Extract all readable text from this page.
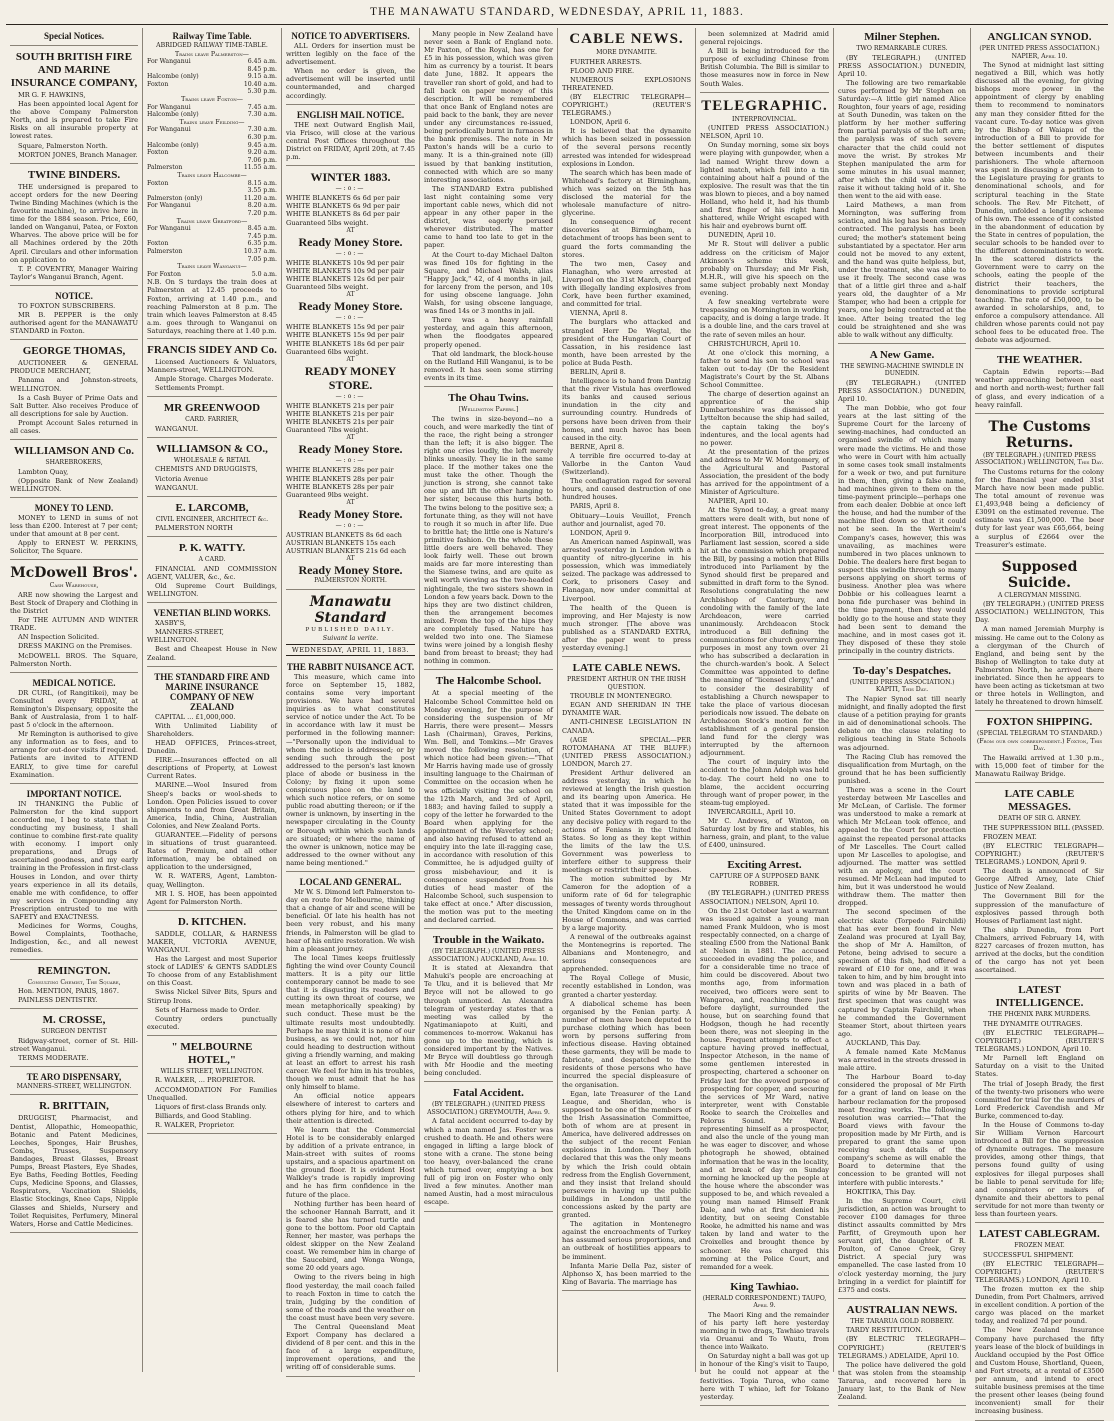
THE MANAWATU STANDARD, WEDNESDAY, APRIL 11, 1883.
Special Notices.
SOUTH BRITISH FIRE AND MARINE INSURANCE COMPANY,

MR G. F. HAWKINS,

Has been appointed local Agent for the above Company Palmerston North, and is prepared to take Fire Risks on all insurable property at lowest rates.

Square, Palmerston North.

MORTON JONES, Branch Manager.

TWINE BINDERS.

THE undersigned is prepared to accept orders for the new Deering Twine Binding Machines (which is the favourite machine), to arrive here in time for the 1884 season. Price, £60, landed on Wanganui, Patea, or Foxton Wharves. The above price will be for all Machines ordered by the 20th April. Circulars and other information on application to

T. P. COVENTRY, Manager Wairing Taylor's Wanganui Branch, Agent.

NOTICE.

TO FOXTON SUBSCRIBERS.

MR B. PEPPER is the only authorised agent for the MANAWATU STANDARD in Foxton.

GEORGE THOMAS,

AUCTIONEER & GENERAL PRODUCE MERCHANT,

Panama and Johnston-streets, WELLINGTON.

Is a Cash Buyer of Prime Oats and Salt Butter. Also receives Produce of all descriptions for sale by Auction.

Prompt Account Sales returned in all cases.

WILLIAMSON AND Co.
SHAREBROKERS,

Lambton Quay,

(Opposite Bank of New Zealand) WELLINGTON.

MONEY TO LEND.

MONEY to LEND in sums of not less than £200. Interest at 7 per cent; under that amount at 8 per cent.

Apply to ERNEST W. PERKINS, Solicitor, The Square.

McDowell Bros'.
Cash Warehouse,

ARE now showing the Largest and Best Stock of Drapery and Clothing in the District

For THE AUTUMN AND WINTER TRADE.

AN Inspection Solicited.

DRESS MAKING on the Premises.

McDOWELL BROS. The Square, Palmerston North.

MEDICAL NOTICE.

DR CURL, (of Rangitikei), may be Consulted every FRIDAY, at Remington's Dispensary, opposite the Bank of Australasia, from 1 to half-past 5 o'clock in the afternoon.

Mr Remington is authorised to give any information as to fees, and to arrange for out-door visits if required. Patients are invited to ATTEND EARLY, to give time for careful Examination.

IMPORTANT NOTICE.

IN THANKING the Public of Palmerston for the kind support accorded me, I beg to state that in conducting my business, I shall continue to combine first-rate quality with economy. I import only preparations, and Drugs of ascertained goodness, and my early training in the Profession in first-class Houses in London, and over thirty years experience in all its details, enable me with confidence, to offer my services in Compounding any Prescription entrusted to me with SAFETY and EXACTNESS.

Medicines for Worms, Coughs, Bowel Complaints, Toothache, Indigestion, &c., and all newest remedies.

REMINGTON.
Consulting Chemist, The Square,

Hon. MENTION, PARIS, 1867.

PAINLESS DENTISTRY.

M. CROSSE,
SURGEON DENTIST

Ridgway-street, corner of St. Hill-street Wanganui.

TERMS MODERATE.

TE ARO DISPENSARY,
MANNERS-STREET, WELLINGTON.
R. BRITTAIN,

DRUGGIST, Pharmacist, and Dentist, Allopathic, Homeopathic, Botanic and Patent Medicines, Leeches, Sponges, Hair Brushes, Combs, Trusses, Suspensory Bandages, Breast Glasses, Breast Pumps, Breast Plasters, Eye Shades, Eye Baths, Feeding Bottles, Feeding Cups, Medicine Spoons, and Glasses, Respirators, Vaccination Shields, Elastic Stockings, Knee Caps, Nipple Glasses and Shields, Nursery and Toilet Requisites, Perfumery, Mineral Waters, Horse and Cattle Medicines.

Railway Time Table.
ABRIDGED RAILWAY TIME-TABLE.
Trains leave Palmerston—	
For Wanganui	6.45 a.m.
	8.45 p.m.
Halcombe (only)	9.15 a.m.
Foxton	10.40 a.m.
	5.30 p.m.
Trains leave Foxton—	
For Wanganui	7.45 a.m.
Halcombe (only)	7.30 a.m.
Trains leave Feilding—	
For Wanganui	7.30 a.m.
	6.30 p.m.
Halcombe (only)	9.45 a.m.
Foxton	9.20 a.m.
	7.06 p.m.
Palmerston	11.55 a.m.
Trains leave Halcombe—	
Foxton	8.15 a.m.
	3.55 p.m.
Palmerston (only)	11.20 a.m.
For Wanganui	8.20 a.m.
	7.20 p.m.
Trains leave Greatford—	
For Wanganui	8.45 a.m.
	7.45 p.m.
Foxton	6.35 p.m.
Palmerston	10.37 a.m.
	7.05 p.m.
Trains leave Wanganui—	
For Foxton	5.0 a.m.
N.B. On S turdays the train does at Palmerston at 12.45 proceeds to Foxton, arriving at 1.40 p.m., and reaching Palmerston at 8 p.m. The train which leaves Palmerston at 8.45 a.m. goes through to Wanganui on Saturdays, reaching there at 1.40 p.m.
FRANCIS SIDEY AND Co.

Licensed Auctioneers & Valuators, Manners-street, WELLINGTON.

Ample Storage. Charges Moderate.

Settlements Prompt.

MR GREENWOOD
CARD. FARRIER,

WANGANUI.

WILLIAMSON & CO.,
WHOLESALE & RETAIL

CHEMISTS AND DRUGGISTS,

Victoria Avenue

WANGANUI.

E. LARCOMB,
CIVIL ENGINEER, ARCHITECT &c.

PALMERSTON NORTH

P. K. WATTY.
A CARD.

FINANCIAL AND COMMISSION AGENT, VALUER, &c., &c.

Old Supreme Court Buildings, WELLINGTON.

VENETIAN BLIND WORKS.

XASBY'S,

MANNERS-STREET, WELLINGTON.

Best and Cheapest House in New Zealand.

THE STANDARD FIRE AND MARINE INSURANCE COMPANY OF NEW ZEALAND

CAPITAL ... £1,000,000.

With Unlimited Liability of Shareholders.

HEAD OFFICES, Princes-street, Dunedin.

FIRE.—Insurances effected on all descriptions of Property, at Lowest Current Rates.

MARINE.—Wool Insured from Sheep's backs or wool-sheds to London. Open Policies issued to cover shipments to and from Great Britain, America, India, China, Australian Colonies, and New Zealand Ports.

GUARANTEE.—Fidelity of persons in situations of trust guaranteed. Rates of Premium, and all other information, may be obtained on application to the undersigned,

W. R. WATERS, Agent, Lambton-quay, Wellington.

MR I. S. HOE, has been appointed Agent for Palmerston North.

D. KITCHEN.

SADDLE, COLLAR, & HARNESS MAKER, VICTORIA AVENUE, WANGANUI.

Has the Largest and most Superior stock of LADIES' & GENTS SADDLES To choose from of any Establishment on this Coast.

Swiss Nickel Silver Bits, Spurs and Stirrup Irons.

Sets of Harness made to Order.

Country orders punctually executed.

" MELBOURNE HOTEL,"
WILLIS STREET, WELLINGTON.

R. WALKER, ... PROPRIETOR.

ACCOMMODATION For Families Unequalled.

Liquors of first-class Brands only.

Billiards, and Good Stabling.

R. WALKER, Proprietor.

NOTICE TO ADVERTISERS.

ALL Orders for insertion must be written legibly on the face of the advertisement.

When no order is given, the advertisement will be inserted until countermanded, and charged accordingly.

ENGLISH MAIL NOTICE.

THE next Outward English Mail, via Frisco, will close at the various central Post Offices throughout the District on FRIDAY, April 20th, at 7.45 p.m.

WINTER 1883.
—:o:—
WHITE BLANKETS 6s 6d per pair
WHITE BLANKETS 6s 9d per pair
WHITE BLANKETS 8s 6d per pair
Guaranteed 5lbs weight.
AT
Ready Money Store.
—:o:—
WHITE BLANKETS 10s 9d per pair
WHITE BLANKETS 10s 9d per pair
WHITE BLANKETS 12s 6d per pair
Guaranteed 5lbs weight.
AT
Ready Money Store.
—:o:—
WHITE BLANKETS 15s 9d per pair
WHITE BLANKETS 15s 9d per pair
WHITE BLANKETS 18s 6d per pair
Guaranteed 6lbs weight.
AT
READY MONEY STORE.
—:o:—
WHITE BLANKETS 21s per pair
WHITE BLANKETS 21s per pair
WHITE BLANKETS 21s per pair
Guaranteed 7lbs weight.
AT
Ready Money Store.
—:o:—
WHITE BLANKETS 28s per pair
WHITE BLANKETS 28s per pair
WHITE BLANKETS 28s per pair
Guaranteed 9lbs weight.
AT
Ready Money Store.
—:o:—
AUSTRIAN BLANKETS 8s 6d each
AUSTRIAN BLANKETS 15s each
AUSTRIAN BLANKETS 21s 6d each
AT
Ready Money Store.
PALMERSTON NORTH.
Manawatu Standard
PUBLISHED DAILY.
Suivant la verite.
WEDNESDAY, APRIL 11, 1883.
THE RABBIT NUISANCE ACT.

This measure, which came into force on September 15, 1882, contains some very important provisions. We have had several inquiries as to what constitutes service of notice under the Act. To be in accordance with law it must be performed in the following manner:—"Personally upon the individual to whom the notice is addressed; or by sending such through the post addressed to the person's last known place of abode or business in the Colony; by fixing it upon some conspicuous place on the land to which such notice refers, or on some public road abutting thereon; or if the owner is unknown, by inserting in the newspaper circulating in the County or Borough within which such lands are situated; or where the name of the owner is unknown, notice may be addressed to the owner without any name being mentioned."

LOCAL AND GENERAL.

Mr W. S. Dimond left Palmerston to-day en route for Melbourne, thinking that a change of air and scene will be beneficial. Of late his health has not been very robust, and his many friends, in Palmerston will be glad to hear of his entire restoration. We wish him a pleasant journey.

The local Times keeps fruitlessly fighting the wind over County Council matters. It is a pity our little contemporary cannot be made to see that it is disgusting its readers and cutting its own throat of course, we mean metaphorically speaking) by such conduct. These must be the ultimate results most undoubtedly. Perhaps he may think it is none of our business, as we could not, nor him could heading to destruction without giving a friendly warning, and making at least an effort to arrest his rash career. We feel for him in his troubles, though we must admit that he has only himself to blame.

An official notice appears elsewhere of interest to carters and others plying for hire, and to which their attention is directed.

We learn that the Commercial Hotel is to be considerably enlarged by addition of a private entrance, in Main-street with suites of rooms upstairs, and a spacious apartment on the ground floor. It is evident Host Walkley's trade is rapidly improving and he has firm confidence in the future of the place.

Nothing further has been heard of the schooner Hannah Barratt, and it is feared she has turned turtle and gone to the bottom. Poor old Captain Renner, her master, was perhaps the oldest skipper on the New Zealand coast. We remember him in charge of the Saucebird, and Wonga Wonga, some 20 odd years ago.

Owing to the rivers being in high flood yesterday, the mail coach failed to reach Foxton in time to catch the train, Judging by the condition of some of the roads and the weather on the coast must have been very severe.

The Central Queensland Meat Export Company has declared a dividend of 8 per cent. and this in the face of a large expenditure, improvement operations, and the writing off of considerable sums.

Many people in New Zealand have never seen a Bank of England note. Mr Paxton, of the Royal, has one for £5 in his possession, which was given him as currency by a tourist. It bears date June, 1882. It appears the traveller ran short of gold, and had to fall back on paper money of this description. It will be remembered that once Bank of England notes are paid back to the bank, they are never under any circumstances re-issued, being periodically burnt in furnaces in the bank premises. The note in Mr Paxton's hands will be a curio to many. It is a thin-grained note (ill) issued by that banking institution, connected with which are so many interesting associations.

The STANDARD Extra published last night containing some very important cable news, which did not appear in any other paper in the district, was eagerly perused wherever distributed. The matter came to hand too late to get in the paper.

At the Court to-day Michael Dalton was fined 10s for fighting in the Square, and Michael Walsh, alias "Happy Jack," 42, of 4 months in jail, for larceny from the person, and 10s for using obscene language. John Walsh, for using obscene language, was fined 14s or 3 months in jail.

There was a heavy rainfall yesterday, and again this afternoon, when the floodgates appeared properly opened.

That old landmark, the block-house on the Rutland Hill Wanganui, is to be removed. It has seen some stirring events in its time.

The Ohau Twins.
[Wellington Papers.]

The twins in size-beyond—no a couch, and were markedly the tint of the race, the right being a stronger than the left; it is also bigger. The right one cries loudly, the left merely blinks uneasily. They lie in the same place. If the mother takes one the must take the other. Though the junction is strong, she cannot take one up and lift the other hanging to her sister, because this hurts both. The twins belong to the positive sex; a fortunate thing, as they will not have to rough it so much in after life. Due to brittle hat; the little one is Nature's primitive fashion. On the whole these little doers are well behaved. They look fairly well. These out brown maids are far more interesting than the Siamese twins, and are quite as well worth viewing as the two-headed nightingale, the two sisters shown in London a few years back. Down to the hips they are two distinct children, then the arrangement becomes mixed. From the top of the hips they are completely fused. Nature has welded two into one. The Siamese twins were joined by a longish fleshy band from breast to breast; they had nothing in common.

The Halcombe School.

At a special meeting of the Halcombe School Committee held on Monday evening, for the purpose of considering the suspension of Mr Harris, there were present— Messrs Lash (Chairman), Graves, Perkins, Wm. Bell, and Tomkins.—Mr Graves moved the following resolution, of which notice had been given:—"That Mr Harris having made use of grossly insulting language to the Chairman of Committee on the occasion when he was officially visiting the school on the 12th March, and 3rd of April, 1883; and having failed to supply a copy of the letter he forwarded to the Board when applying for the appointment of the Waverley school; and also having refused to attend an enquiry into the late ill-ragging case, in accordance with resolution of this Committee, he is adjudged guilty of gross misbehaviour, and it is consequence suspended from his duties of head master of the Halcombe School, such suspension to take effect at once." After discussion, the motion was put to the meeting and declared carried.

Trouble in the Waikato.
(BY TELEGRAPH.) (UNITED PRESS ASSOCIATION.) AUCKLAND, April 10.

It is stated at Alexandra that Mahuki's people are encroaching at Te Uku, and it is believed that Mr Bryce will not be allowed to go through unnoticed. An Alexandra telegram of yesterday states that a meeting was called by the Ngatimaniapoto at Kuiti, and commences to-morrow. Wakanui has gone up to the meeting, which is considered important by the Natives. Mr Bryce will doubtless go through with Mr Hoodie and the meeting being concluded.

Fatal Accident.
(BY TELEGRAPH.) (UNITED PRESS ASSOCIATION.) GREYMOUTH, April 9.

A fatal accident occurred to-day by which a man named Jas. Foster was crushed to death. He and others were engaged in lifting a large block of stone with a crane. The stone being too heavy, over-balanced the crane which turned over, emptying a box full of pig iron on Foster who only lived a few minutes. Another man named Austin, had a most miraculous escape.

CABLE NEWS.
MORE DYNAMITE.

FURTHER ARRESTS.

FLOOD AND FIRE.

NUMEROUS EXPLOSIONS THREATENED.

(BY ELECTRIC TELEGRAPH—COPYRIGHT.) (REUTER'S TELEGRAMS.)

LONDON, April 6.

It is believed that the dynamite which has been seized in possession of the several persons recently arrested was intended for widespread explosions in London.

The search which has been made of Whitehead's factory at Birmingham, which was seized on the 5th has disclosed the material for the wholesale manufacture of nitro-glycerine.

In consequence of recent discoveries at Birmingham, a detachment of troops has been sent to guard the forts commanding the stores.

The two men, Casey and Flanaghan, who were arrested at Liverpool on the 31st March, charged with illegally landing explosives from Cork, have been further examined, and committed for trial.

VIENNA, April 8.

The burglars who attacked and strangled Herr De Wegtal, the president of the Hungarian Court of Cassation, in his residence last month, have been arrested by the police at Buda Pesth.

BERLIN, April 8.

Intelligence is to hand from Dantzig that the river Vistula has overflowed its banks and caused serious inundation in the city and surrounding country. Hundreds of persons have been driven from their homes, and much havoc has been caused in the city.

BERNE, April 8.

A terrible fire occurred to-day at Vallorbe in the Canton Vaud (Switzerland).

The conflagration raged for several hours, and caused destruction of one hundred houses.

PARIS, April 8.

Obituary—Louis Veuillot, French author and journalist, aged 70.

LONDON, April 9.

An American named Aspinwall, was arrested yesterday in London with a quantity of nitro-glycerine in his possession, which was immediately seized. The package was addressed to Cork, to prisoners Casey and Flanagan, now under committal at Liverpool.

The health of the Queen is improving, and Her Majesty is now much stronger. [The above was published as a STANDARD EXTRA, after the paper went to press yesterday evening.]

LATE CABLE NEWS.
PRESIDENT ARTHUR ON THE IRISH QUESTION.

TROUBLE IN MONTENEGRO.

EGAN AND SHERIDAN IN THE DYNAMITE WAR.

ANTI-CHINESE LEGISLATION IN CANADA.

(AGE SPECIAL—PER ROTOMAHANA AT THE BLUFF.) (UNITED PRESS ASSOCIATION.) LONDON, March 27.

President Arthur delivered an address yesterday, in which he reviewed at length the Irish question and its bearing upon America. He stated that it was impossible for the United States Government to adopt any decisive policy with regard to the actions of Fenians in the United States. So long as they kept within the limits of the law the U.S. Government was powerless to interfere either to suppress their meetings or restrict their speeches.

The motion submitted by Mr Cameron for the adoption of a uniform rate of 6d for telegraphic messages of twenty words throughout the United Kingdom came on in the House of Commons, and was carried by a large majority.

A renewal of the outbreaks against the Montenegrins is reported. The Albanians and Montenegro, and serious consequences are apprehended.

The Royal College of Music, recently established in London, was granted a charter yesterday.

A diabolical scheme has been organised by the Fenian party. A number of men have been deputed to purchase clothing which has been worn by persons suffering from infectious disease. Having obtained these garments, they will be made to fabricate, and despatched to the residents of those persons who have incurred the special displeasure of the organisation.

Egan, late Treasurer of the Land League, and Sheridan, who is supposed to be one of the members of the Irish Assassination Committee, both of whom are at present in America, have delivered addresses on the subject of the recent Fenian explosions in London. They both declared that this was the only means by which the Irish could obtain redress from the English Government, and they insist that Ireland should persevere in having up the public buildings in London until the concessions asked by the party are granted.

The agitation in Montenegro against the encroachments of Turkey has assumed serious proportions, and an outbreak of hostilities appears to be imminent.

Infanta Marie Della Paz, sister of Alphonso X, has been married to the King of Bavaria. The marriage has

been solemnized at Madrid amid general rejoicings.

A Bill is being introduced for the purpose of excluding Chinese from British Columbia. The Bill is similar to those measures now in force in New South Wales.

TELEGRAPHIC.
INTERPROVINCIAL.

(UNITED PRESS ASSOCIATION.) NELSON, April 10.

On Sunday morning, some six boys were playing with gunpowder, when a lad named Wright threw down a lighted match, which fell into a tin containing about half a pound of the explosive. The result was that the tin was blown to pieces, and a boy named Holland, who held it, had his thumb and first finger of his right hand shattered, while Wright escaped with his hair and eyebrows burnt off.

DUNEDIN, April 10.

Mr R. Stout will deliver a public address on the criticism of Major Atkinson's scheme this week, probably on Thursday; and Mr Fish, M.H.R., will give his speech on the same subject probably next Monday evening.

A few sneaking vertebrate were trespassing on Mornington in working capacity, and is doing a large trade. It is a double line, and the cars travel at the rate of seven miles an hour.

CHRISTCHURCH, April 10.

At one o'clock this morning, a father to send his son to school was taken out to-day (Dr the Resident Magistrate's Court by the St. Albans School Committee.

The charge of desertion against an apprentice of the ship Dumbartonshire was dismissed at Lyttelton because the ship had sailed, the captain taking the boy's indentures, and the local agents had no power.

At the presentation of the prizes and address to Mr W. Montgomery, of the Agricultural and Pastoral Association, the president of the body has arrived for the appointment of a Minister of Agriculture.

NAPIER, April 10.

At the Synod to-day, a great many matters were dealt with, but none of great interest. The opponents of the Incorporation Bill, introduced into Parliament last session, scored a side hit at the commission which prepared the Bill, by passing a motion that Bills introduced into Parliament by the Synod should first be prepared and submitted in draft form to the Synod. Resolutions congratulating the new Archbishop of Canterbury, and condoling with the family of the late Archdeacon, were carried unanimously. Archdeacon Stock introduced a Bill defining the communications for church governing purposes in most any town over 21 who has subscribed a declaration in the church-warden's book. A Select Committee was appointed to define the meaning of "licensed clergy," and to consider the desirability of establishing a Church newspaper to take the place of various diocesan periodicals now issued. The debate on Archdeacon Stock's motion for the establishment of a general pension land fund for the clergy was interrupted by the afternoon adjournment.

The court of inquiry into the accident to the Johnn Adolph was held to-day. The court held no one to blame, the accident occurring through want of proper power, in the steam-tug employed.

INVERCARGILL, April 10.

Mr C. Andrews, of Winton, on Saturday lost by fire and stables, his harness, grain, and plant, to the value of £400, uninsured.

Exciting Arrest.
CAPTURE OF A SUPPOSED BANK ROBBER.

(BY TELEGRAPH.) (UNITED PRESS ASSOCIATION.) NELSON, April 10.

On the 21st October last a warrant was issued against a young man named Frank Muldoon, who is most respectably connected, on a charge of stealing £500 from the National Bank at Nelson in 1881. The accused succeeded in evading the police, and for a considerable time no trace of him could be discovered. About two months ago, from information received, two officers were sent to Wangaroa, and, reaching there just before daylight, surrounded the house, but on searching found that Hodgson, though he had recently been there, was not sleeping in the house. Frequent attempts to effect a capture having proved ineffectual, Inspector Atcheson, in the name of some gentlemen interested in prospecting, chartered a schooner on Friday last for the avowed purpose of prospecting for copper, and securing the services of Mr Ward, native interpreter, went with Constable Rooke to search the Croixelles and Pelorus Sound. Mr Ward, representing himself as a prospector, and also the uncle of the young man he was eager to discover, and whose photograph he showed, obtained information that he was in the locality, and at break of day on Sunday morning he knocked up the people at the house where the absconder was supposed to be, and which revealed a young man named Himself Frank Dale, and who at first denied his identity, but on seeing Constable Rooke, he admitted his name and was taken by land and water to the Croixelles and brought thence by schooner. He was charged this morning at the Police Court, and remanded for a week.

King Tawhiao.
(HERALD CORRESPONDENT.) TAUPO, April 9.

The Maori King and the remainder of his party left here yesterday morning in two drags, Tawhiao travels via Oruanui and To Wautu, from thence into Waikato.

On Saturday night a ball was got up in honour of the King's visit to Taupo, but he could not appear at the festivities. Topia Turoa, who came here with T whiao, left for Tokano yesterday.

Milner Stephen.
TWO REMARKABLE CURES.

(BY TELEGRAPH.) (UNITED PRESS ASSOCIATION.) DUNEDIN, April 10.

The following are two remarkable cures performed by Mr Stephen on Saturday:—A little girl named Alice Roughton, four years of age, residing at South Dunedin, was taken on the platform by her mother suffering from partial paralysis of the left arm; the paralysis was of such severe character that the child could not move the wrist. By strokes Mr Stephen manipulated the arm for some minutes in his usual manner, after which the child was able to raise it without taking hold of it. She then went to the aid with ease.

Laird Mathews, a man from Mornington, was suffering from sciatica, and his leg has been entirely contracted. The paralysis has been cured; the mother's statement being substantiated by a spectator. Her arm could not be moved to any extent, and the hand was quite helpless, but, under the treatment, she was able to use it freely. The second case was that of a little girl three and a-half years old, the daughter of a Mr Stamper, who had been a cripple for years, one leg being contracted at the knee. After being treated the leg could be straightened and she was able to walk without any difficulty.

A New Game.
THE SEWING-MACHINE SWINDLE IN DUNEDIN.

(BY TELEGRAPH.) (UNITED PRESS ASSOCIATION.) DUNEDIN, April 10.

The man Dobbie, who got four years at the last sitting of the Supreme Court for the larceny of sewing-machines, had conducted an organised swindle of which many were made the victims. He and those who were in Court with him actually in some cases took small instalments for a week or two, and put furniture in them, then, giving a false name, had machines given to them on the time-payment principle—perhaps one from each dealer. Dobbie at once left the house, and had the number of the machine filed down so that it could not be seen. In the Wertheim's Company's cases, however, this was unavailing, as machines were numbered in two places unknown to Dobie. The dealers here first began to suspect this swindle through so many persons applying on short terms of business. Another plea was where Dobbie or his colleagues learnt a bona fide purchaser was behind in the time payment, then they would boldly go to the house and state they had been sent to demand the machine, and in most cases got it. They disposed of these they stole principally in the country districts.

To-day's Despatches.
(UNITED PRESS ASSOCIATION.) KAPITI, This Day.

The Napier Synod sat till nearly midnight, and finally adopted the first clause of a petition praying for grants in aid of denominational schools. The debate on the clause relating to religious teaching in State Schools was adjourned.

The Racing Club has removed the disqualification from Murtagh, on the ground that he has been sufficiently punished.

There was a scene in the Court yesterday between Mr Lascelles and Mr McLean, of Carlisle. The former was understood to make a remark at which Mr McLean took offence, and appealed to the Court for protection against the repeated personal attacks of Mr Lascelles. The Court called upon Mr Lascelles to apologise, and adjourned. The matter was settled with an apology, and the court resumed. Mr McLean had imputed to him, but it was understood he would withdraw them. The matter then dropped.

The second specimen of the electric skate (Torpedo Fairchildi) that has ever been found in New Zealand was procured at Lyall Bay, the shop of Mr A. Hamilton, of Petone, being advised to secure a specimen of this fish, had offered a reward of £10 for one, and it was taken to him, and by him brought into town and was placed in a bath of spirits of wine by Mr Beaven. The first specimen that was caught was captured by Captain Fairchild, when he commanded the Government Steamer Stort, about thirteen years ago.

AUCKLAND, This Day.

A female named Kate McManus was arrested in the streets dressed in male attire.

The Harbour Board to-day considered the proposal of Mr Firth for a grant of land on lease on the harbour reclamation for the proposed meat freezing works. The following resolution was carried:—"That the Board views with favour the proposition made by Mr Firth, and is prepared to grant the same upon receiving such details of the company's scheme as will enable the Board to determine that the concession to be granted will not interfere with public interests."

HOKITIKA, This Day.

In the Supreme Court, civil jurisdiction, an action was brought to recover £100 damages for three distinct assaults committed by Mrs Parfitt, of Greymouth upon her servant girl, the daughter of R. Poulton, of Canoe Creek, Grey District. A special jury was empanelled. The case lasted from 10 o'clock yesterday morning, the jury bringing in a verdict for plaintiff for £375 and costs.

AUSTRALIAN NEWS.
THE TARARUA GOLD ROBBERY.

TARDY RESTITUTION.

(BY ELECTRIC TELEGRAPH—COPYRIGHT.) (REUTER'S TELEGRAMS.) ADELAIDE, April 10.

The police have delivered the gold that was stolen from the steamship Tararua, and recovered here in January last, to the Bank of New Zealand.

ANGLICAN SYNOD.
(PER UNITED PRESS ASSOCIATION.) NAPIER, April 10.

The Synod at midnight last sitting negatived a Bill, which was hotly discussed all the evening, for giving bishops more power in the appointment of clergy by enabling them to recommend to nominators any man they consider fitted for the vacant cure. To-day notice was given by the Bishop of Waiapu of the introduction of a Bill to provide for the better settlement of disputes between incumbents and their parishioners. The whole afternoon was spent in discussing a petition to the Legislature praying for grants to denominational schools, and for scriptural teaching in the State schools. The Rev. Mr Fitchett, of Dunedin, unfolded a lengthy scheme of his own. The essence of it consisted in the abandonment of education by the State in centres of population, the secular schools to be handed over to the different denominations to work. In the scattered districts the Government were to carry on the schools, eating the people of the district their teachers, the denominations to provide scriptural teaching. The rate of £50,000, to be awarded in scholarships, and, to enforce a compulsory attendance. All children whose parents could not pay school fees to be educated free. The debate was adjourned.

THE WEATHER.

Captain Edwin reports:—Bad weather approaching between east and north and north-west; further fall of glass, and every indication of a heavy rainfall.

The Customs Returns.
(BY TELEGRAPH.) (UNITED PRESS ASSOCIATION.) WELLINGTON, This Day.

The Customs returns for the colony for the financial year ended 31st March have now been made public. The total amount of revenue was £1,493,948 being a deficiency of £3091 on the estimated revenue. The estimate was £1,500,000. The beer duty for last year was £65,664, being a surplus of £2664 over the Treasurer's estimate.

Supposed Suicide.
A CLERGYMAN MISSING.

(BY TELEGRAPH.) (UNITED PRESS ASSOCIATION.) WELLINGTON, This Day.

A man named Jeremiah Murphy is missing. He came out to the Colony as a clergyman of the Church of England, and being sent by the Bishop of Wellington to take duty at Palmerston North, he arrived there inebriated. Since then he appears to have been acting as ticketsman at two or three hotels in Wellington, and lately he threatened to drown himself.

FOXTON SHIPPING.
(SPECIAL TELEGRAM TO STANDARD.) (From our own correspondent.) Foxton, This Day.

The Hawaiki arrived at 1.30 p.m., with 15,000 feet of timber for the Manawatu Railway Bridge.

LATE CABLE MESSAGES.
DEATH OF SIR G. ARNEY.

THE SUPPRESSION BILL (PASSED.

FROZEN MEAT.

(BY ELECTRIC TELEGRAPH—COPYRIGHT.) (REUTER'S TELEGRAMS.) LONDON, April 9.

The death is announced of Sir George Alfred Arney, late Chief Justice of New Zealand.

The Government Bill for the suppression of the manufacture of explosives passed through both Houses of Parliament last night.

The ship Dunedin, from Port Chalmers, arrived February 14, with 8227 carcases of frozen mutton, has arrived at the docks, but the condition of the cargo has not yet been ascertained.

LATEST INTELLIGENCE.
THE PHŒNIX PARK MURDERS.

THE DYNAMITE OUTRAGES.

(BY ELECTRIC TELEGRAPH—COPYRIGHT.) (REUTER'S TELEGRAMS.) LONDON, April 10.

Mr Parnell left England on Saturday on a visit to the United States.

The trial of Joseph Brady, the first of the twenty-two prisoners who were committed for trial for the murders of Lord Frederick Cavendish and Mr Burke, commenced to-day.

In the House of Commons to-day Sir William Vernon Harcourt introduced a Bill for the suppression of dynamite outrages. The measure provides, among other things, that persons found guilty of using explosives for illegal purposes shall be liable to penal servitude for life; and conspirators or makers of dynamite and their abettors to penal servitude for not more than twenty or less than fourteen years.

LATEST CABLEGRAM.
FROZEN MEAT.

SUCCESSFUL SHIPMENT.

(BY ELECTRIC TELEGRAPH—COPYRIGHT.) (REUTER'S TELEGRAMS.) LONDON, April 10.

The frozen mutton ex the ship Dunedin, from Port Chalmers, arrived in excellent condition. A portion of the cargo was placed on the market today, and realized 7d per pound.

The New Zealand Insurance Company have purchased the fifty years lease of the block of buildings in Auckland occupied by the Post Office and Custom House, Shortland, Queen, and Fort streets, at a rental of £3500 per annum, and intend to erect suitable business premises at the time the present other leases (being found inconvenient) small for their increasing business.
